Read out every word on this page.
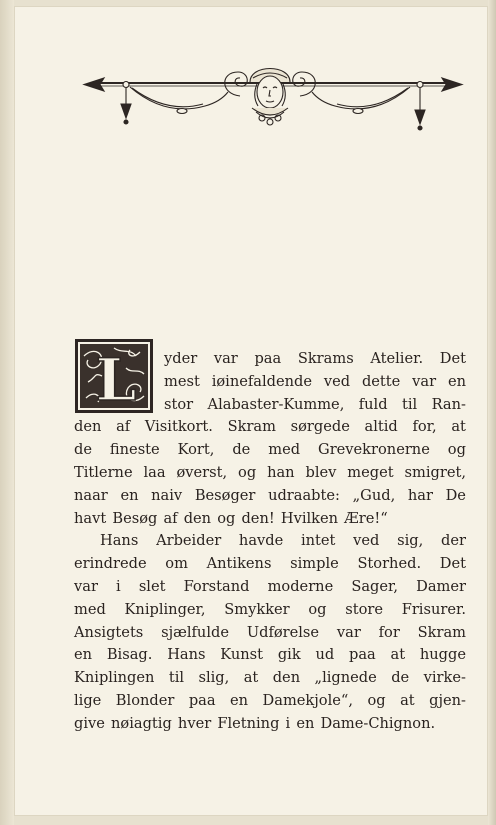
L yder var paa Skrams Atelier. Det
mest iøinefaldende ved dette var en
stor Alabaster-Kumme, fuld til Ran-
den af Visitkort. Skram sørgede altid for, at
de fineste Kort, de med Grevekronerne og
Titlerne laa øverst, og han blev meget smigret,
naar en naiv Besøger udraabte: „Gud, har De
havt Besøg af den og den! Hvilken Ære!“
Hans Arbeider havde intet ved sig, der
erindrede om Antikens simple Storhed. Det
var i slet Forstand moderne Sager, Damer
med Kniplinger, Smykker og store Frisurer.
Ansigtets sjælfulde Udførelse var for Skram
en Bisag. Hans Kunst gik ud paa at hugge
Kniplingen til slig, at den „lignede de virke-
lige Blonder paa en Damekjole“, og at gjen-
give nøiagtig hver Fletning i en Dame-Chignon.
